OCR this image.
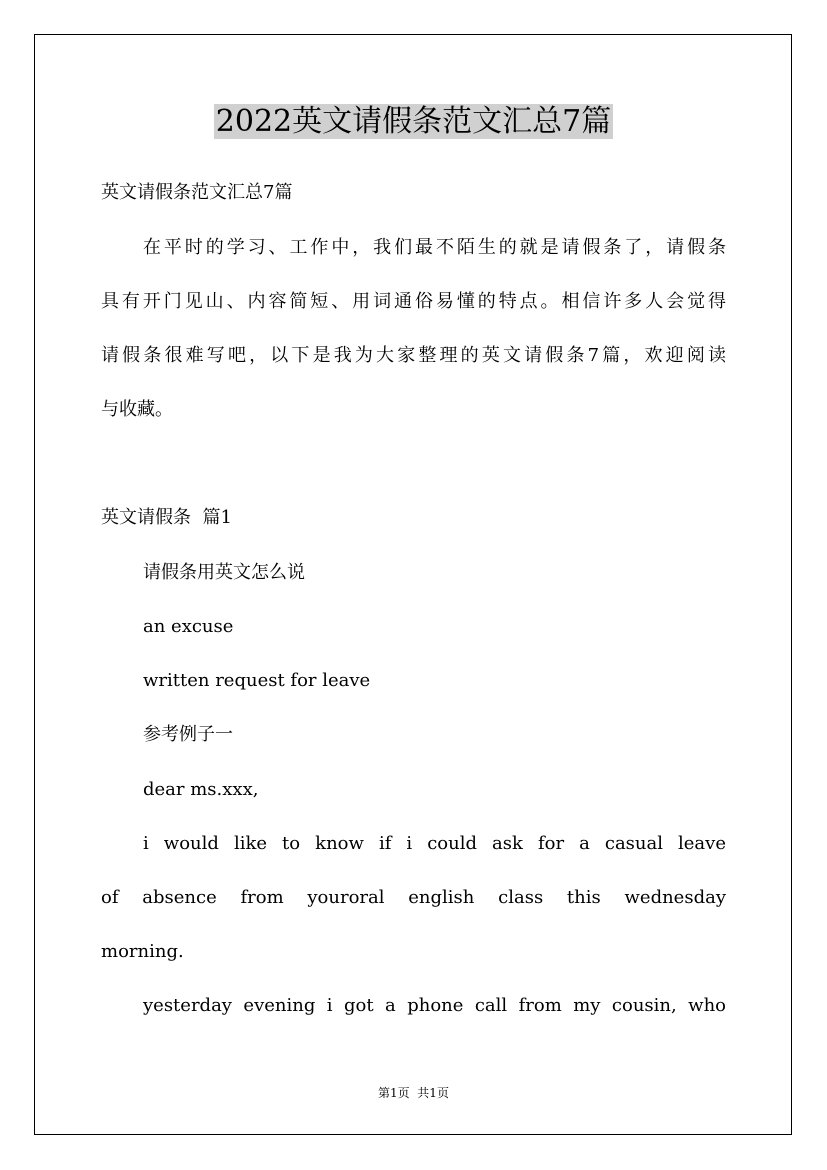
2022英文请假条范文汇总7篇

英文请假条范文汇总7篇

在平时的学习、工作中，我们最不陌生的就是请假条了，请假条

具有开门见山、内容简短、用词通俗易懂的特点。相信许多人会觉得

请假条很难写吧，以下是我为大家整理的英文请假条7篇，欢迎阅读

与收藏。

英文请假条  篇1

请假条用英文怎么说

an excuse

written request for leave

参考例子一

dear ms.xxx,

i would like to know if i could ask for a casual leave

of absence from youroral english class this wednesday

morning.

yesterday evening i got a phone call from my cousin, who

第1页  共1页
